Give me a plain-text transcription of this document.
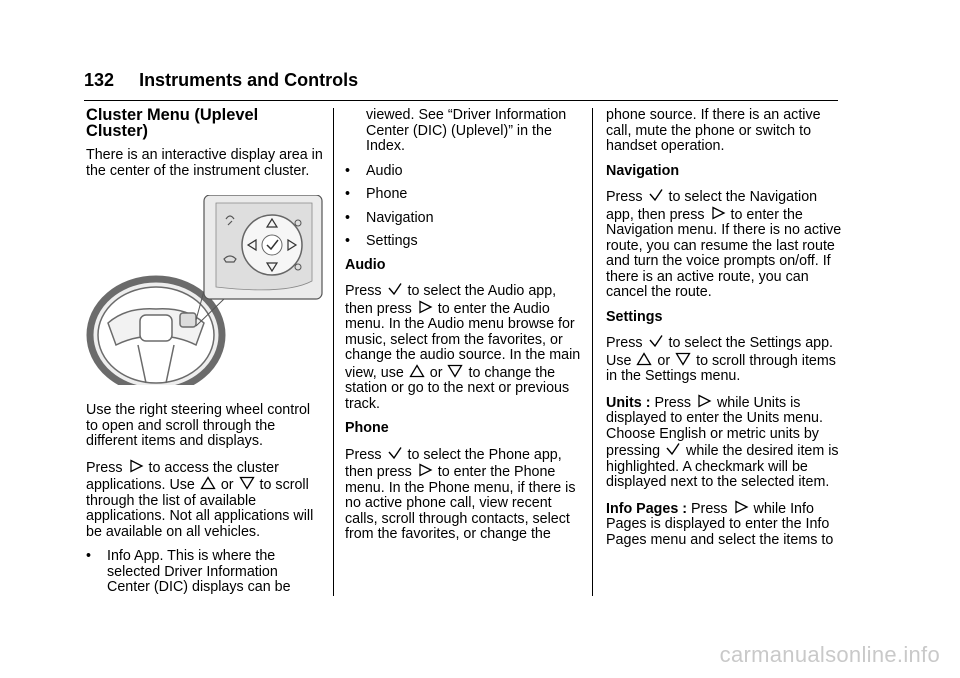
132 Instruments and Controls
Cluster Menu (Uplevel Cluster)

There is an interactive display area in the center of the instrument cluster.

Use the right steering wheel control to open and scroll through the different items and displays.

Press to access the cluster applications. Use or to scroll through the list of available applications. Not all applications will be available on all vehicles.

• Info App. This is where the selected Driver Information Center (DIC) displays can be

viewed. See “Driver Information Center (DIC) (Uplevel)” in the Index.

• Audio
• Phone
• Navigation
• Settings

Audio

Press to select the Audio app, then press to enter the Audio menu. In the Audio menu browse for music, select from the favorites, or change the audio source. In the main view, use or to change the station or go to the next or previous track.

Phone

Press to select the Phone app, then press to enter the Phone menu. In the Phone menu, if there is no active phone call, view recent calls, scroll through contacts, select from the favorites, or change the

phone source. If there is an active call, mute the phone or switch to handset operation.

Navigation

Press to select the Navigation app, then press to enter the Navigation menu. If there is no active route, you can resume the last route and turn the voice prompts on/off. If there is an active route, you can cancel the route.

Settings

Press to select the Settings app. Use or to scroll through items in the Settings menu.

Units : Press while Units is displayed to enter the Units menu. Choose English or metric units by pressing while the desired item is highlighted. A checkmark will be displayed next to the selected item.

Info Pages : Press while Info Pages is displayed to enter the Info Pages menu and select the items to

carmanualsonline.info
